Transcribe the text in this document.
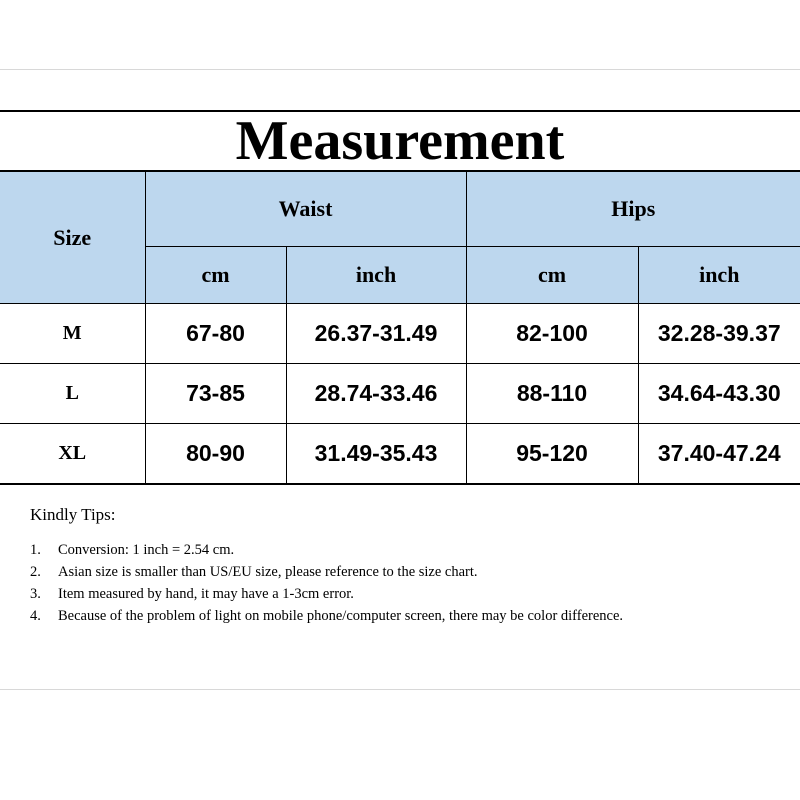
Measurement
Size	Waist		Hips	
	cm	inch	cm	inch
M	67-80	26.37-31.49	82-100	32.28-39.37
L	73-85	28.74-33.46	88-110	34.64-43.30
XL	80-90	31.49-35.43	95-120	37.40-47.24
Kindly Tips:
1.	Conversion: 1 inch = 2.54 cm.
2.	Asian size is smaller than US/EU size, please reference to the size chart.
3.	Item measured by hand, it may have a 1-3cm error.
4.	Because of the problem of light on mobile phone/computer screen, there may be color difference.
